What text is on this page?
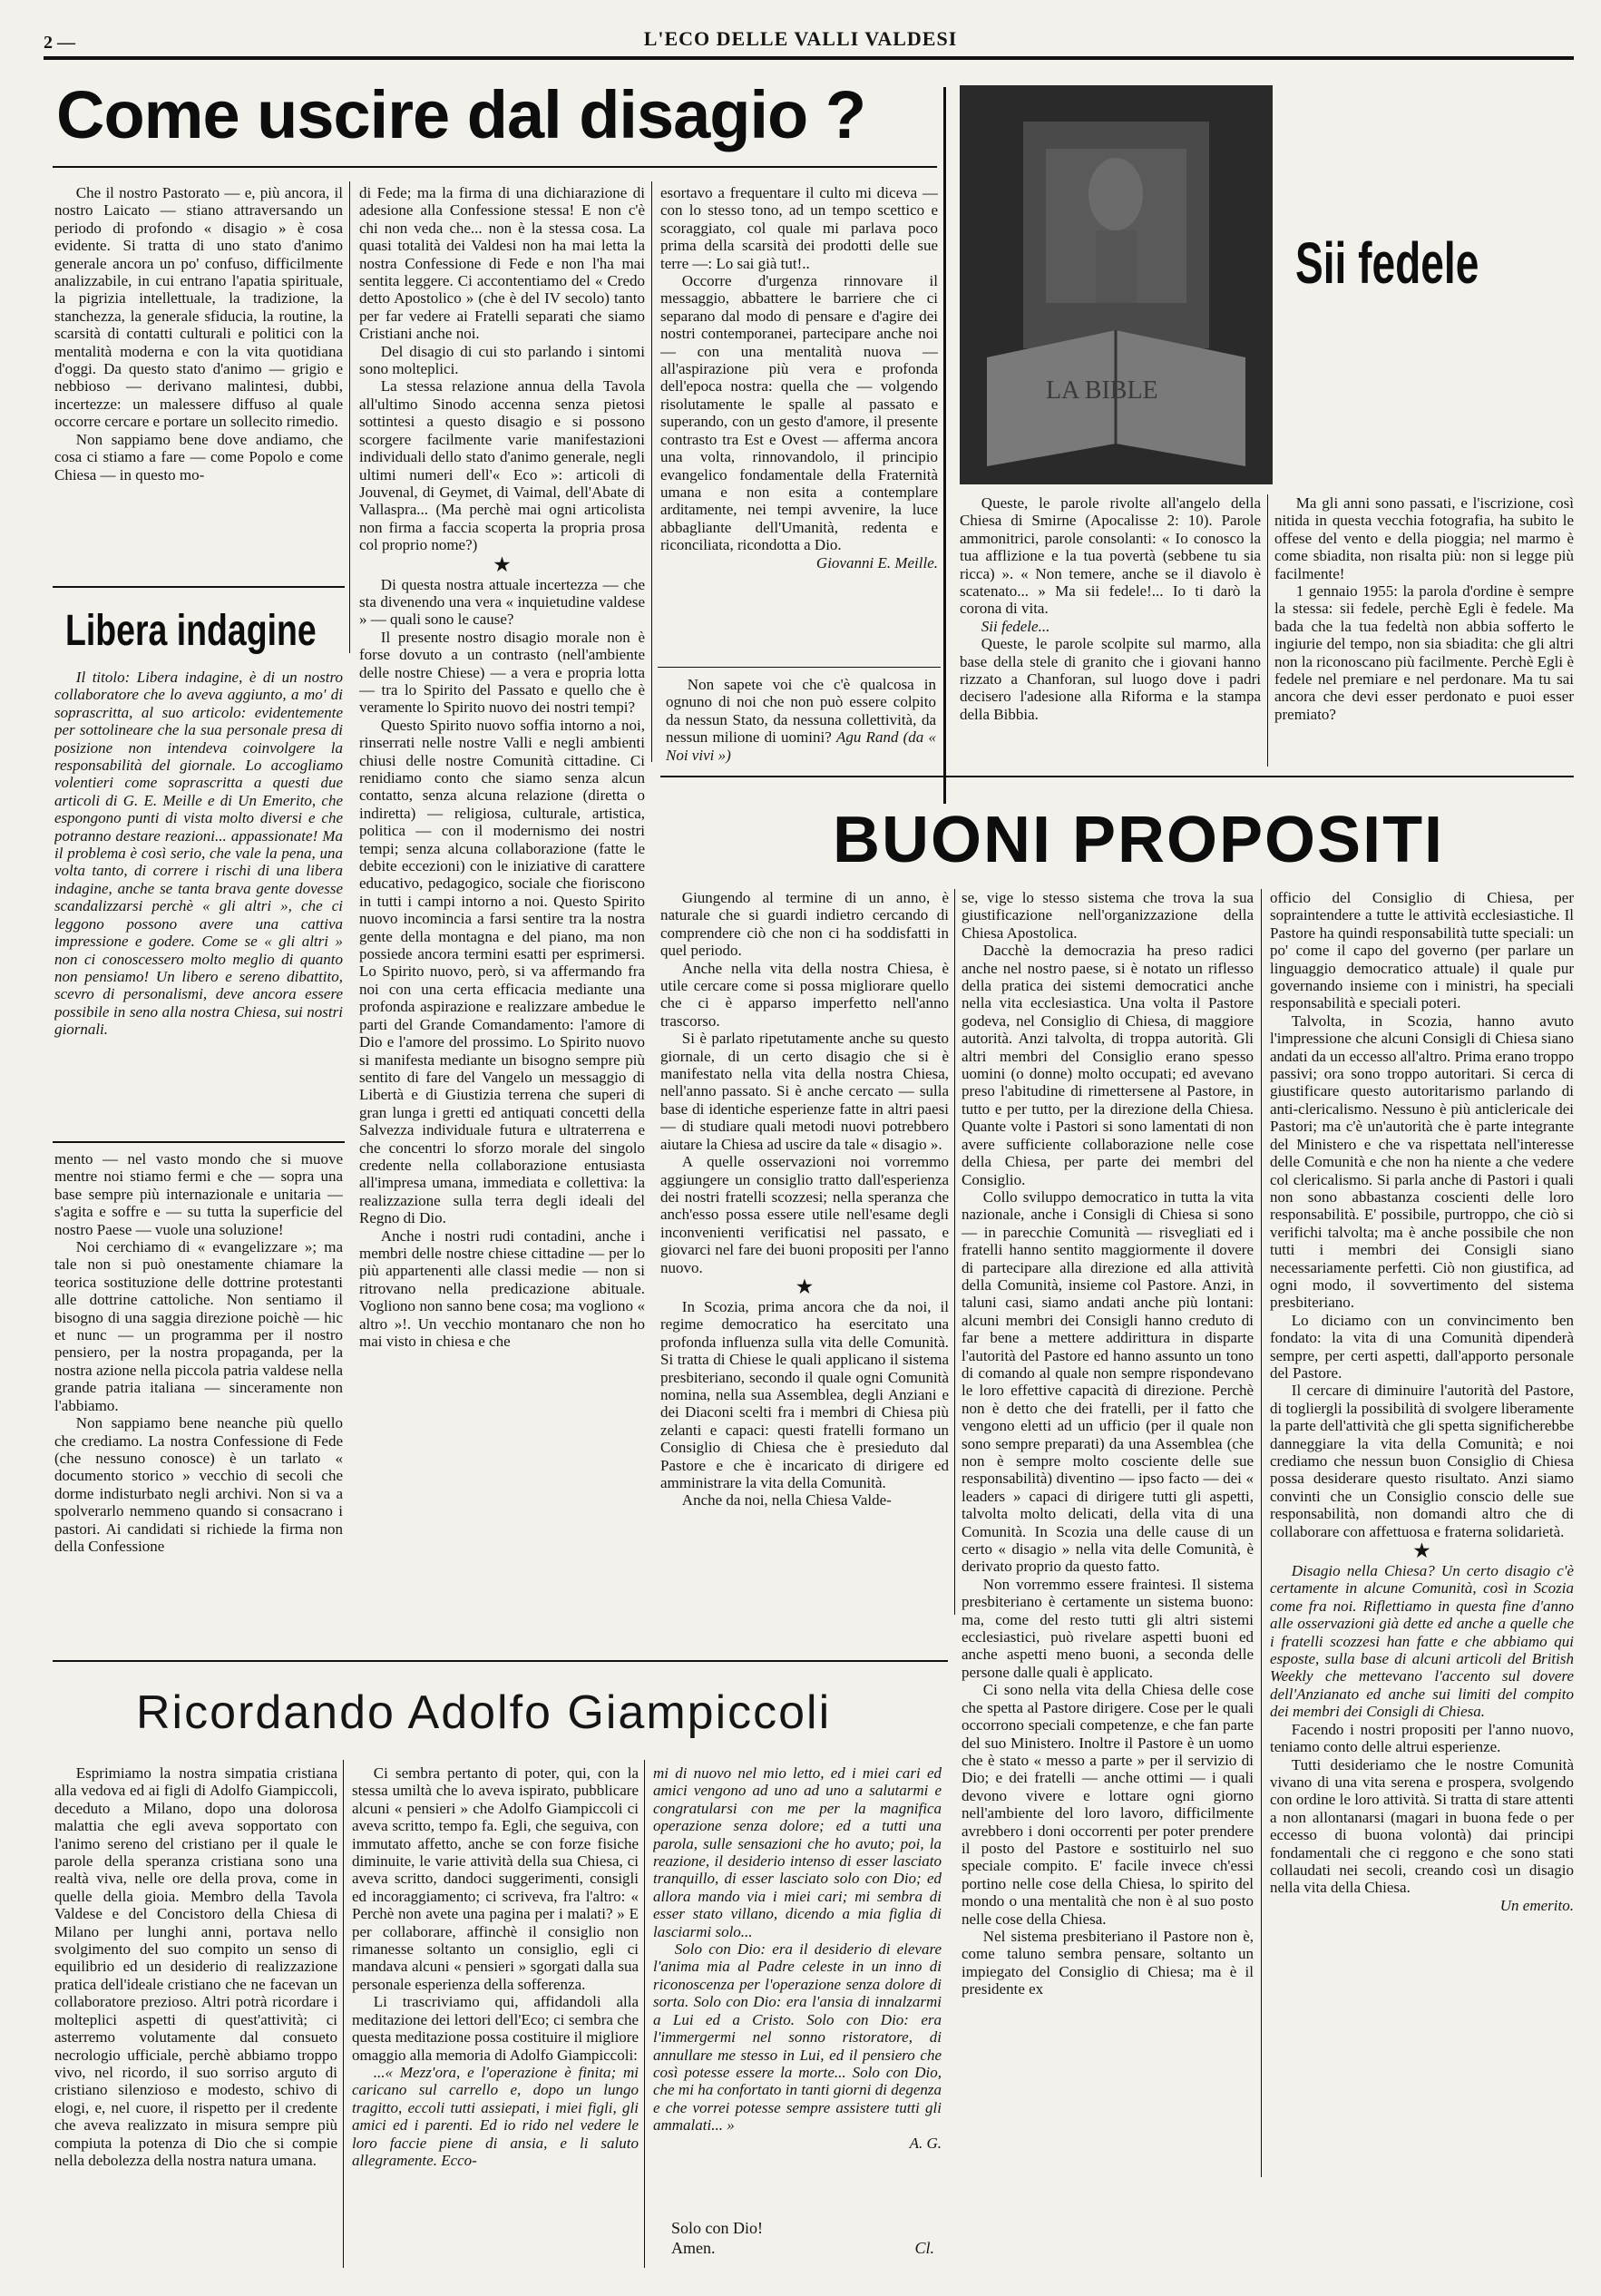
2 —	L'ECO DELLE VALLI VALDESI
Come uscire dal disagio ?

Che il nostro Pastorato — e, più ancora, il nostro Laicato — stiano attraversando un periodo di profondo « disagio » è cosa evidente. Si tratta di uno stato d'animo generale ancora un po' confuso, difficilmente analizzabile, in cui entrano l'apatia spirituale, la pigrizia intellettuale, la tradizione, la stanchezza, la generale sfiducia, la routine, la scarsità di contatti culturali e politici con la mentalità moderna e con la vita quotidiana d'oggi. Da questo stato d'animo — grigio e nebbioso — derivano malintesi, dubbi, incertezze: un malessere diffuso al quale occorre cercare e portare un sollecito rimedio.

Non sappiamo bene dove andiamo, che cosa ci stiamo a fare — come Popolo e come Chiesa — in questo mo-

Libera indagine

Il titolo: Libera indagine, è di un nostro collaboratore che lo aveva aggiunto, a mo' di soprascritta, al suo articolo: evidentemente per sottolineare che la sua personale presa di posizione non intendeva coinvolgere la responsabilità del giornale. Lo accogliamo volentieri come soprascritta a questi due articoli di G. E. Meille e di Un Emerito, che espongono punti di vista molto diversi e che potranno destare reazioni... appassionate! Ma il problema è così serio, che vale la pena, una volta tanto, di correre i rischi di una libera indagine, anche se tanta brava gente dovesse scandalizzarsi perchè « gli altri », che ci leggono possono avere una cattiva impressione e godere. Come se « gli altri » non ci conoscessero molto meglio di quanto non pensiamo! Un libero e sereno dibattito, scevro di personalismi, deve ancora essere possibile in seno alla nostra Chiesa, sui nostri giornali.

mento — nel vasto mondo che si muove mentre noi stiamo fermi e che — sopra una base sempre più internazionale e unitaria — s'agita e soffre e — su tutta la superficie del nostro Paese — vuole una soluzione!

Noi cerchiamo di « evangelizzare »; ma tale non si può onestamente chiamare la teorica sostituzione delle dottrine protestanti alle dottrine cattoliche. Non sentiamo il bisogno di una saggia direzione poichè — hic et nunc — un programma per il nostro pensiero, per la nostra propaganda, per la nostra azione nella piccola patria valdese nella grande patria italiana — sinceramente non l'abbiamo.

Non sappiamo bene neanche più quello che crediamo. La nostra Confessione di Fede (che nessuno conosce) è un tarlato « documento storico » vecchio di secoli che dorme indisturbato negli archivi. Non si va a spolverarlo nemmeno quando si consacrano i pastori. Ai candidati si richiede la firma non della Confessione

di Fede; ma la firma di una dichiarazione di adesione alla Confessione stessa! E non c'è chi non veda che... non è la stessa cosa. La quasi totalità dei Valdesi non ha mai letta la nostra Confessione di Fede e non l'ha mai sentita leggere. Ci accontentiamo del « Credo detto Apostolico » (che è del IV secolo) tanto per far vedere ai Fratelli separati che siamo Cristiani anche noi.

Del disagio di cui sto parlando i sintomi sono molteplici.

La stessa relazione annua della Tavola all'ultimo Sinodo accenna senza pietosi sottintesi a questo disagio e si possono scorgere facilmente varie manifestazioni individuali dello stato d'animo generale, negli ultimi numeri dell'« Eco »: articoli di Jouvenal, di Geymet, di Vaimal, dell'Abate di Vallaspra... (Ma perchè mai ogni articolista non firma a faccia scoperta la propria prosa col proprio nome?)

★

Di questa nostra attuale incertezza — che sta divenendo una vera « inquietudine valdese » — quali sono le cause?

Il presente nostro disagio morale non è forse dovuto a un contrasto (nell'ambiente delle nostre Chiese) — a vera e propria lotta — tra lo Spirito del Passato e quello che è veramente lo Spirito nuovo dei nostri tempi?

Questo Spirito nuovo soffia intorno a noi, rinserrati nelle nostre Valli e negli ambienti chiusi delle nostre Comunità cittadine. Ci renidiamo conto che siamo senza alcun contatto, senza alcuna relazione (diretta o indiretta) — religiosa, culturale, artistica, politica — con il modernismo dei nostri tempi; senza alcuna collaborazione (fatte le debite eccezioni) con le iniziative di carattere educativo, pedagogico, sociale che fioriscono in tutti i campi intorno a noi. Questo Spirito nuovo incomincia a farsi sentire tra la nostra gente della montagna e del piano, ma non possiede ancora termini esatti per esprimersi. Lo Spirito nuovo, però, si va affermando fra noi con una certa efficacia mediante una profonda aspirazione e realizzare ambedue le parti del Grande Comandamento: l'amore di Dio e l'amore del prossimo. Lo Spirito nuovo si manifesta mediante un bisogno sempre più sentito di fare del Vangelo un messaggio di Libertà e di Giustizia terrena che superi di gran lunga i gretti ed antiquati concetti della Salvezza individuale futura e ultraterrena e che concentri lo sforzo morale del singolo credente nella collaborazione entusiasta all'impresa umana, immediata e collettiva: la realizzazione sulla terra degli ideali del Regno di Dio.

Anche i nostri rudi contadini, anche i membri delle nostre chiese cittadine — per lo più appartenenti alle classi medie — non si ritrovano nella predicazione abituale. Vogliono non sanno bene cosa; ma vogliono « altro »!. Un vecchio montanaro che non ho mai visto in chiesa e che

esortavo a frequentare il culto mi diceva — con lo stesso tono, ad un tempo scettico e scoraggiato, col quale mi parlava poco prima della scarsità dei prodotti delle sue terre —: Lo sai già tut!..

Occorre d'urgenza rinnovare il messaggio, abbattere le barriere che ci separano dal modo di pensare e d'agire dei nostri contemporanei, partecipare anche noi — con una mentalità nuova — all'aspirazione più vera e profonda dell'epoca nostra: quella che — volgendo risolutamente le spalle al passato e superando, con un gesto d'amore, il presente contrasto tra Est e Ovest — afferma ancora una volta, rinnovandolo, il principio evangelico fondamentale della Fraternità umana e non esita a contemplare arditamente, nei tempi avvenire, la luce abbagliante dell'Umanità, redenta e riconciliata, ricondotta a Dio.

Giovanni E. Meille.

Non sapete voi che c'è qualcosa in ognuno di noi che non può essere colpito da nessun Stato, da nessuna collettività, da nessun milione di uomini? Agu Rand (da « Noi vivi »)

LA BIBLE
Sii fedele

Queste, le parole rivolte all'angelo della Chiesa di Smirne (Apocalisse 2: 10). Parole ammonitrici, parole consolanti: « Io conosco la tua afflizione e la tua povertà (sebbene tu sia ricca) ». « Non temere, anche se il diavolo è scatenato... » Ma sii fedele!... Io ti darò la corona di vita.

Sii fedele...

Queste, le parole scolpite sul marmo, alla base della stele di granito che i giovani hanno rizzato a Chanforan, sul luogo dove i padri decisero l'adesione alla Riforma e la stampa della Bibbia.

Ma gli anni sono passati, e l'iscrizione, così nitida in questa vecchia fotografia, ha subito le offese del vento e della pioggia; nel marmo è come sbiadita, non risalta più: non si legge più facilmente!

1 gennaio 1955: la parola d'ordine è sempre la stessa: sii fedele, perchè Egli è fedele. Ma bada che la tua fedeltà non abbia sofferto le ingiurie del tempo, non sia sbiadita: che gli altri non la riconoscano più facilmente. Perchè Egli è fedele nel premiare e nel perdonare. Ma tu sai ancora che devi esser perdonato e puoi esser premiato?

BUONI PROPOSITI

Giungendo al termine di un anno, è naturale che si guardi indietro cercando di comprendere ciò che non ci ha soddisfatti in quel periodo.

Anche nella vita della nostra Chiesa, è utile cercare come si possa migliorare quello che ci è apparso imperfetto nell'anno trascorso.

Si è parlato ripetutamente anche su questo giornale, di un certo disagio che si è manifestato nella vita della nostra Chiesa, nell'anno passato. Si è anche cercato — sulla base di identiche esperienze fatte in altri paesi — di studiare quali metodi nuovi potrebbero aiutare la Chiesa ad uscire da tale « disagio ».

A quelle osservazioni noi vorremmo aggiungere un consiglio tratto dall'esperienza dei nostri fratelli scozzesi; nella speranza che anch'esso possa essere utile nell'esame degli inconvenienti verificatisi nel passato, e giovarci nel fare dei buoni propositi per l'anno nuovo.

★

In Scozia, prima ancora che da noi, il regime democratico ha esercitato una profonda influenza sulla vita delle Comunità. Si tratta di Chiese le quali applicano il sistema presbiteriano, secondo il quale ogni Comunità nomina, nella sua Assemblea, degli Anziani e dei Diaconi scelti fra i membri di Chiesa più zelanti e capaci: questi fratelli formano un Consiglio di Chiesa che è presieduto dal Pastore e che è incaricato di dirigere ed amministrare la vita della Comunità.

Anche da noi, nella Chiesa Valde-

se, vige lo stesso sistema che trova la sua giustificazione nell'organizzazione della Chiesa Apostolica.

Dacchè la democrazia ha preso radici anche nel nostro paese, si è notato un riflesso della pratica dei sistemi democratici anche nella vita ecclesiastica. Una volta il Pastore godeva, nel Consiglio di Chiesa, di maggiore autorità. Anzi talvolta, di troppa autorità. Gli altri membri del Consiglio erano spesso uomini (o donne) molto occupati; ed avevano preso l'abitudine di rimettersene al Pastore, in tutto e per tutto, per la direzione della Chiesa. Quante volte i Pastori si sono lamentati di non avere sufficiente collaborazione nelle cose della Chiesa, per parte dei membri del Consiglio.

Collo sviluppo democratico in tutta la vita nazionale, anche i Consigli di Chiesa si sono — in parecchie Comunità — risvegliati ed i fratelli hanno sentito maggiormente il dovere di partecipare alla direzione ed alla attività della Comunità, insieme col Pastore. Anzi, in taluni casi, siamo andati anche più lontani: alcuni membri dei Consigli hanno creduto di far bene a mettere addirittura in disparte l'autorità del Pastore ed hanno assunto un tono di comando al quale non sempre rispondevano le loro effettive capacità di direzione. Perchè non è detto che dei fratelli, per il fatto che vengono eletti ad un ufficio (per il quale non sono sempre preparati) da una Assemblea (che non è sempre molto cosciente delle sue responsabilità) diventino — ipso facto — dei « leaders » capaci di dirigere tutti gli aspetti, talvolta molto delicati, della vita di una Comunità. In Scozia una delle cause di un certo « disagio » nella vita delle Comunità, è derivato proprio da questo fatto.

Non vorremmo essere fraintesi. Il sistema presbiteriano è certamente un sistema buono: ma, come del resto tutti gli altri sistemi ecclesiastici, può rivelare aspetti buoni ed anche aspetti meno buoni, a seconda delle persone dalle quali è applicato.

Ci sono nella vita della Chiesa delle cose che spetta al Pastore dirigere. Cose per le quali occorrono speciali competenze, e che fan parte del suo Ministero. Inoltre il Pastore è un uomo che è stato « messo a parte » per il servizio di Dio; e dei fratelli — anche ottimi — i quali devono vivere e lottare ogni giorno nell'ambiente del loro lavoro, difficilmente avrebbero i doni occorrenti per poter prendere il posto del Pastore e sostituirlo nel suo speciale compito. E' facile invece ch'essi portino nelle cose della Chiesa, lo spirito del mondo o una mentalità che non è al suo posto nelle cose della Chiesa.

Nel sistema presbiteriano il Pastore non è, come taluno sembra pensare, soltanto un impiegato del Consiglio di Chiesa; ma è il presidente ex

officio del Consiglio di Chiesa, per sopraintendere a tutte le attività ecclesiastiche. Il Pastore ha quindi responsabilità tutte speciali: un po' come il capo del governo (per parlare un linguaggio democratico attuale) il quale pur governando insieme con i ministri, ha speciali responsabilità e speciali poteri.

Talvolta, in Scozia, hanno avuto l'impressione che alcuni Consigli di Chiesa siano andati da un eccesso all'altro. Prima erano troppo passivi; ora sono troppo autoritari. Si cerca di giustificare questo autoritarismo parlando di anti-clericalismo. Nessuno è più anticlericale dei Pastori; ma c'è un'autorità che è parte integrante del Ministero e che va rispettata nell'interesse delle Comunità e che non ha niente a che vedere col clericalismo. Si parla anche di Pastori i quali non sono abbastanza coscienti delle loro responsabilità. E' possibile, purtroppo, che ciò si verifichi talvolta; ma è anche possibile che non tutti i membri dei Consigli siano necessariamente perfetti. Ciò non giustifica, ad ogni modo, il sovvertimento del sistema presbiteriano.

Lo diciamo con un convincimento ben fondato: la vita di una Comunità dipenderà sempre, per certi aspetti, dall'apporto personale del Pastore.

Il cercare di diminuire l'autorità del Pastore, di togliergli la possibilità di svolgere liberamente la parte dell'attività che gli spetta significherebbe danneggiare la vita della Comunità; e noi crediamo che nessun buon Consiglio di Chiesa possa desiderare questo risultato. Anzi siamo convinti che un Consiglio conscio delle sue responsabilità, non domandi altro che di collaborare con affettuosa e fraterna solidarietà.

★

Disagio nella Chiesa? Un certo disagio c'è certamente in alcune Comunità, così in Scozia come fra noi. Riflettiamo in questa fine d'anno alle osservazioni già dette ed anche a quelle che i fratelli scozzesi han fatte e che abbiamo qui esposte, sulla base di alcuni articoli del British Weekly che mettevano l'accento sul dovere dell'Anzianato ed anche sui limiti del compito dei membri dei Consigli di Chiesa.

Facendo i nostri propositi per l'anno nuovo, teniamo conto delle altrui esperienze.

Tutti desideriamo che le nostre Comunità vivano di una vita serena e prospera, svolgendo con ordine le loro attività. Si tratta di stare attenti a non allontanarsi (magari in buona fede o per eccesso di buona volontà) dai principi fondamentali che ci reggono e che sono stati collaudati nei secoli, creando così un disagio nella vita della Chiesa.

Un emerito.

Ricordando Adolfo Giampiccoli

Esprimiamo la nostra simpatia cristiana alla vedova ed ai figli di Adolfo Giampiccoli, deceduto a Milano, dopo una dolorosa malattia che egli aveva sopportato con l'animo sereno del cristiano per il quale le parole della speranza cristiana sono una realtà viva, nelle ore della prova, come in quelle della gioia. Membro della Tavola Valdese e del Concistoro della Chiesa di Milano per lunghi anni, portava nello svolgimento del suo compito un senso di equilibrio ed un desiderio di realizzazione pratica dell'ideale cristiano che ne facevan un collaboratore prezioso. Altri potrà ricordare i molteplici aspetti di quest'attività; ci asterremo volutamente dal consueto necrologio ufficiale, perchè abbiamo troppo vivo, nel ricordo, il suo sorriso arguto di cristiano silenzioso e modesto, schivo di elogi, e, nel cuore, il rispetto per il credente che aveva realizzato in misura sempre più compiuta la potenza di Dio che si compie nella debolezza della nostra natura umana.

Ci sembra pertanto di poter, qui, con la stessa umiltà che lo aveva ispirato, pubblicare alcuni « pensieri » che Adolfo Giampiccoli ci aveva scritto, tempo fa. Egli, che seguiva, con immutato affetto, anche se con forze fisiche diminuite, le varie attività della sua Chiesa, ci aveva scritto, dandoci suggerimenti, consigli ed incoraggiamento; ci scriveva, fra l'altro: « Perchè non avete una pagina per i malati? » E per collaborare, affinchè il consiglio non rimanesse soltanto un consiglio, egli ci mandava alcuni « pensieri » sgorgati dalla sua personale esperienza della sofferenza.

Li trascriviamo qui, affidandoli alla meditazione dei lettori dell'Eco; ci sembra che questa meditazione possa costituire il migliore omaggio alla memoria di Adolfo Giampiccoli:

...« Mezz'ora, e l'operazione è finita; mi caricano sul carrello e, dopo un lungo tragitto, eccoli tutti assiepati, i miei figli, gli amici ed i parenti. Ed io rido nel vedere le loro faccie piene di ansia, e li saluto allegramente. Ecco-

mi di nuovo nel mio letto, ed i miei cari ed amici vengono ad uno ad uno a salutarmi e congratularsi con me per la magnifica operazione senza dolore; ed a tutti una parola, sulle sensazioni che ho avuto; poi, la reazione, il desiderio intenso di esser lasciato tranquillo, di esser lasciato solo con Dio; ed allora mando via i miei cari; mi sembra di esser stato villano, dicendo a mia figlia di lasciarmi solo...

Solo con Dio: era il desiderio di elevare l'anima mia al Padre celeste in un inno di riconoscenza per l'operazione senza dolore di sorta. Solo con Dio: era l'ansia di innalzarmi a Lui ed a Cristo. Solo con Dio: era l'immergermi nel sonno ristoratore, di annullare me stesso in Lui, ed il pensiero che così potesse essere la morte... Solo con Dio, che mi ha confortato in tanti giorni di degenza e che vorrei potesse sempre assistere tutti gli ammalati... »

A. G.

Solo con Dio!
Amen.	Cl.
